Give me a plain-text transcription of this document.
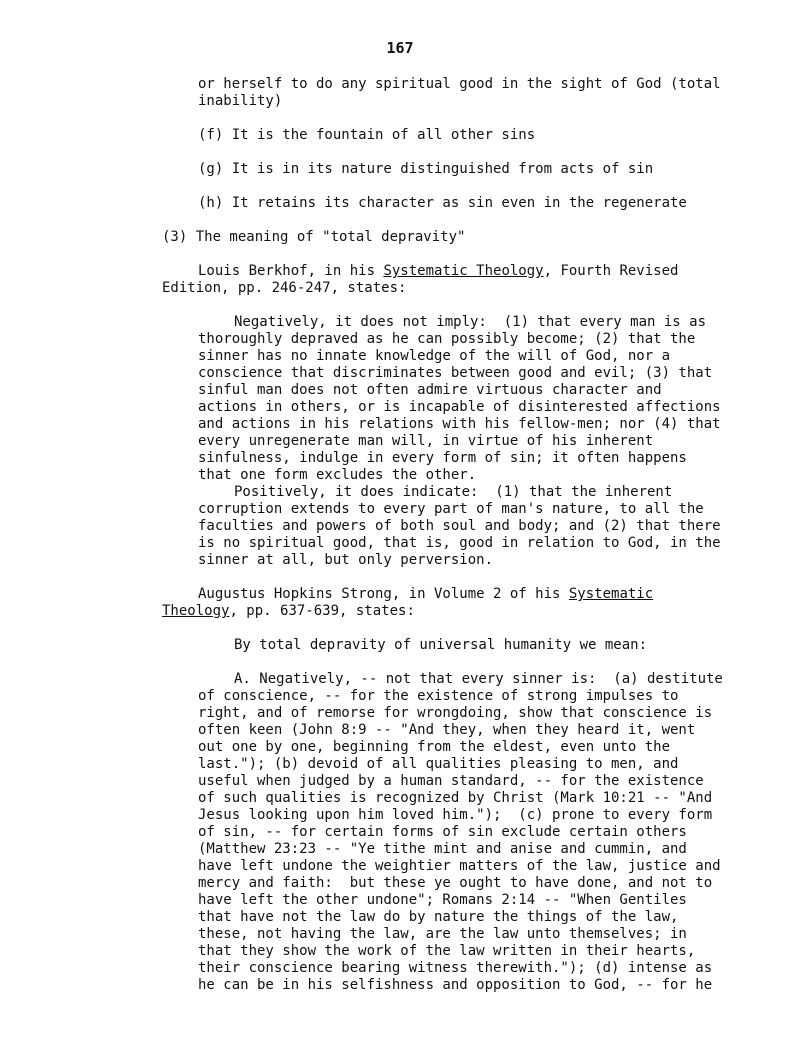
167
or herself to do any spiritual good in the sight of God (total
inability)
(f) It is the fountain of all other sins
(g) It is in its nature distinguished from acts of sin
(h) It retains its character as sin even in the regenerate
(3) The meaning of "total depravity"
Louis Berkhof, in his Systematic Theology, Fourth Revised
Edition, pp. 246-247, states:
Negatively, it does not imply:  (1) that every man is as
thoroughly depraved as he can possibly become; (2) that the
sinner has no innate knowledge of the will of God, nor a
conscience that discriminates between good and evil; (3) that
sinful man does not often admire virtuous character and
actions in others, or is incapable of disinterested affections
and actions in his relations with his fellow-men; nor (4) that
every unregenerate man will, in virtue of his inherent
sinfulness, indulge in every form of sin; it often happens
that one form excludes the other.
Positively, it does indicate:  (1) that the inherent
corruption extends to every part of man's nature, to all the
faculties and powers of both soul and body; and (2) that there
is no spiritual good, that is, good in relation to God, in the
sinner at all, but only perversion.
Augustus Hopkins Strong, in Volume 2 of his Systematic
Theology, pp. 637-639, states:
By total depravity of universal humanity we mean:
A. Negatively, -- not that every sinner is:  (a) destitute
of conscience, -- for the existence of strong impulses to
right, and of remorse for wrongdoing, show that conscience is
often keen (John 8:9 -- "And they, when they heard it, went
out one by one, beginning from the eldest, even unto the
last."); (b) devoid of all qualities pleasing to men, and
useful when judged by a human standard, -- for the existence
of such qualities is recognized by Christ (Mark 10:21 -- "And
Jesus looking upon him loved him.");  (c) prone to every form
of sin, -- for certain forms of sin exclude certain others
(Matthew 23:23 -- "Ye tithe mint and anise and cummin, and
have left undone the weightier matters of the law, justice and
mercy and faith:  but these ye ought to have done, and not to
have left the other undone"; Romans 2:14 -- "When Gentiles
that have not the law do by nature the things of the law,
these, not having the law, are the law unto themselves; in
that they show the work of the law written in their hearts,
their conscience bearing witness therewith."); (d) intense as
he can be in his selfishness and opposition to God, -- for he
